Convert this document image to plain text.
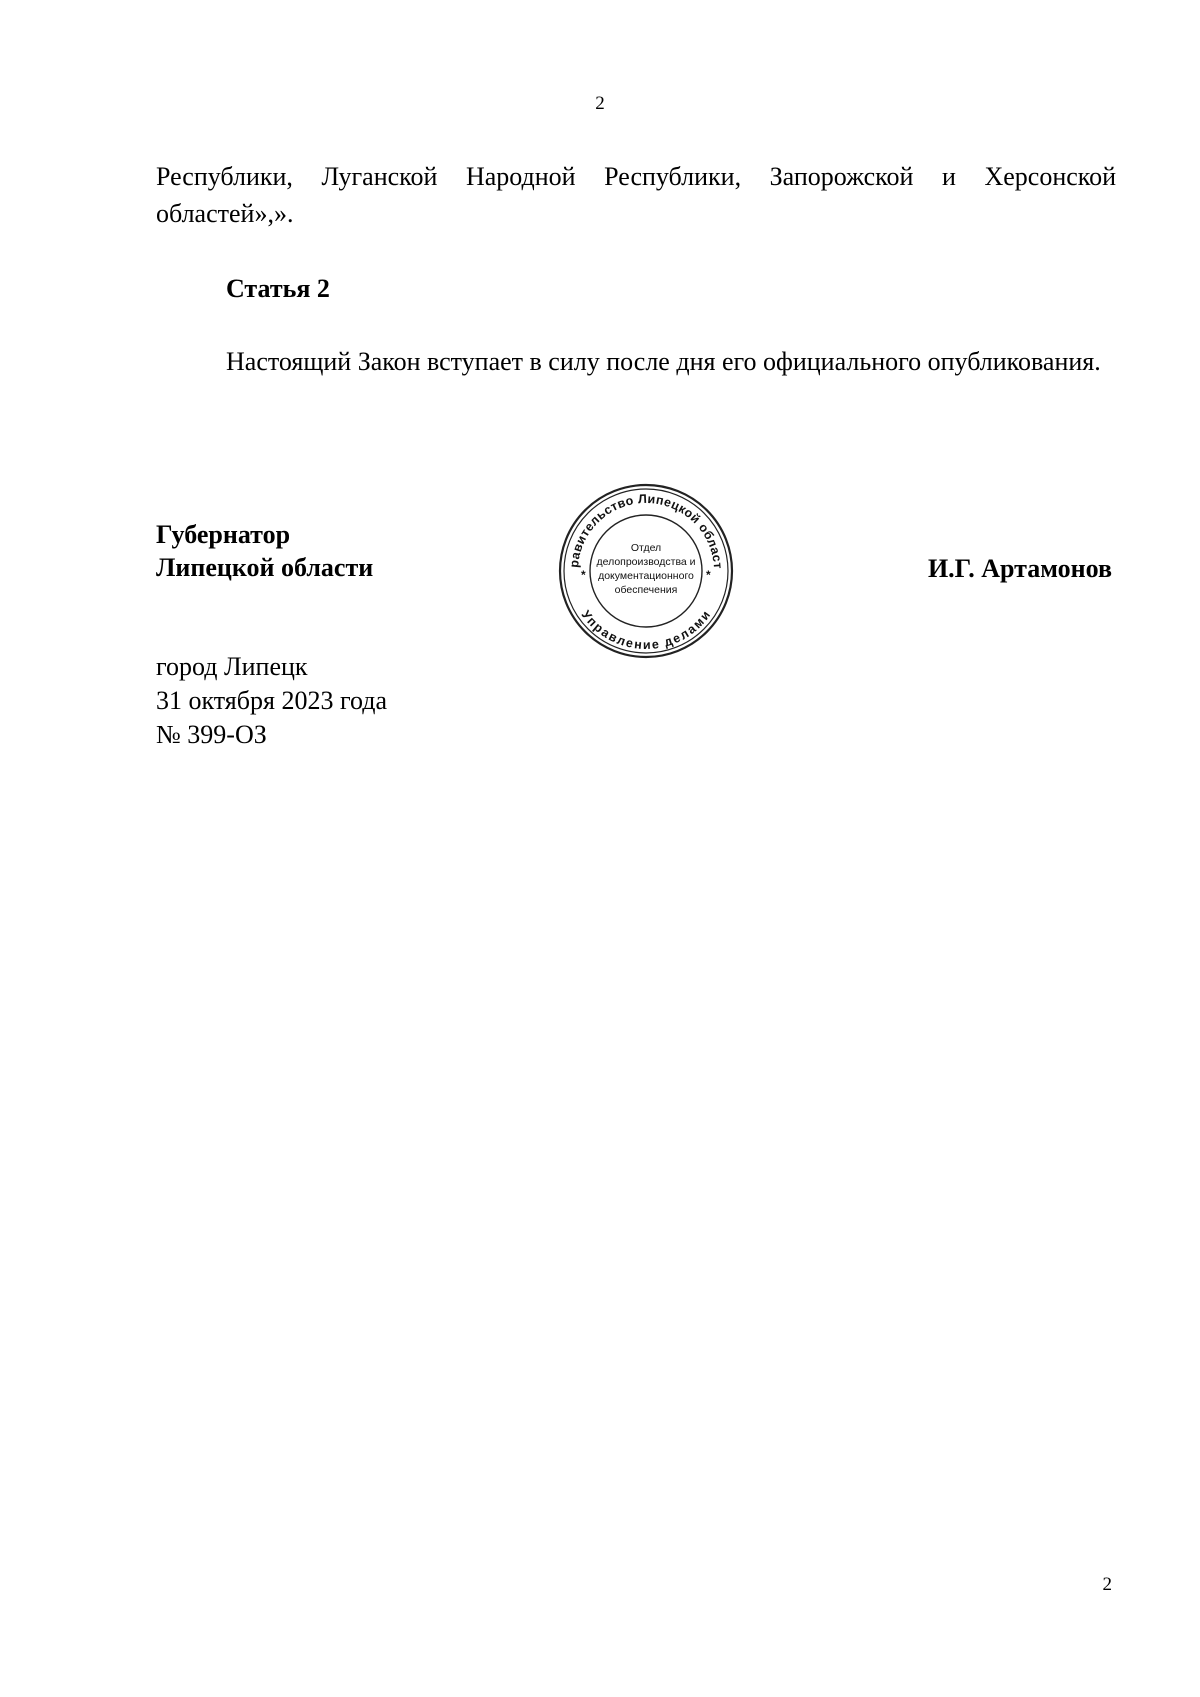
2
Республики, Луганской Народной Республики, Запорожской и Херсонской областей»,».
Статья 2
Настоящий Закон вступает в силу после дня его официального опубликования.
Губернатор
Липецкой области	равительство Липецкой област
Управление делами
*	*
Отдел
делопроизводства и
документационного
обеспечения
И.Г. Артамонов
город Липецк
31 октября 2023 года
№ 399-ОЗ
2
